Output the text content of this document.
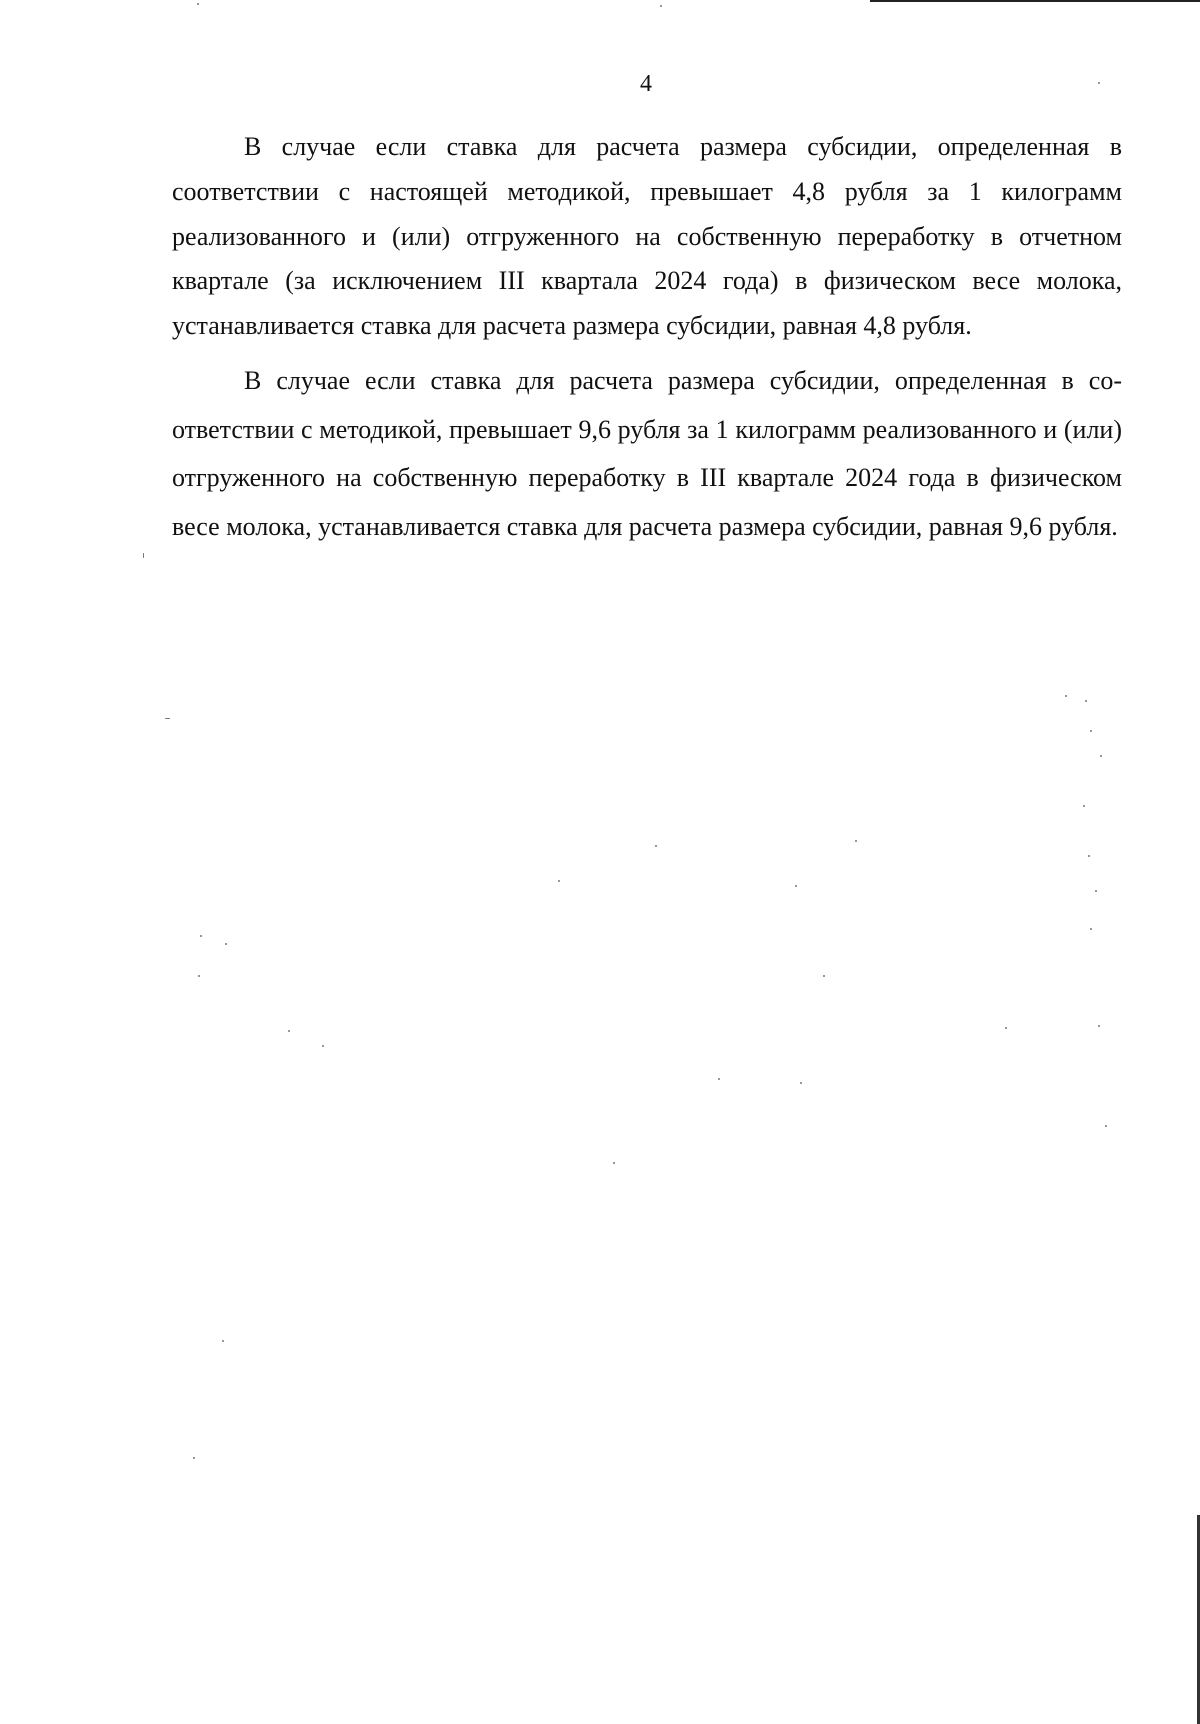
4

В случае если ставка для расчета размера субсидии, определенная в соответствии с настоящей методикой, превышает 4,8 рубля за 1 килограмм реализованного и (или) отгруженного на собственную переработку в отчетном квартале (за исключением III квартала 2024 года) в физическом весе молока, устанавливается ставка для расчета размера субсидии, равная 4,8 рубля.

В случае если ставка для расчета размера субсидии, определенная в соответствии с методикой, превышает 9,6 рубля за 1 килограмм реализованного и (или) отгруженного на собственную переработку в III квартале 2024 года в физическом весе молока, устанавливается ставка для расчета размера субсидии, равная 9,6 рубля.
